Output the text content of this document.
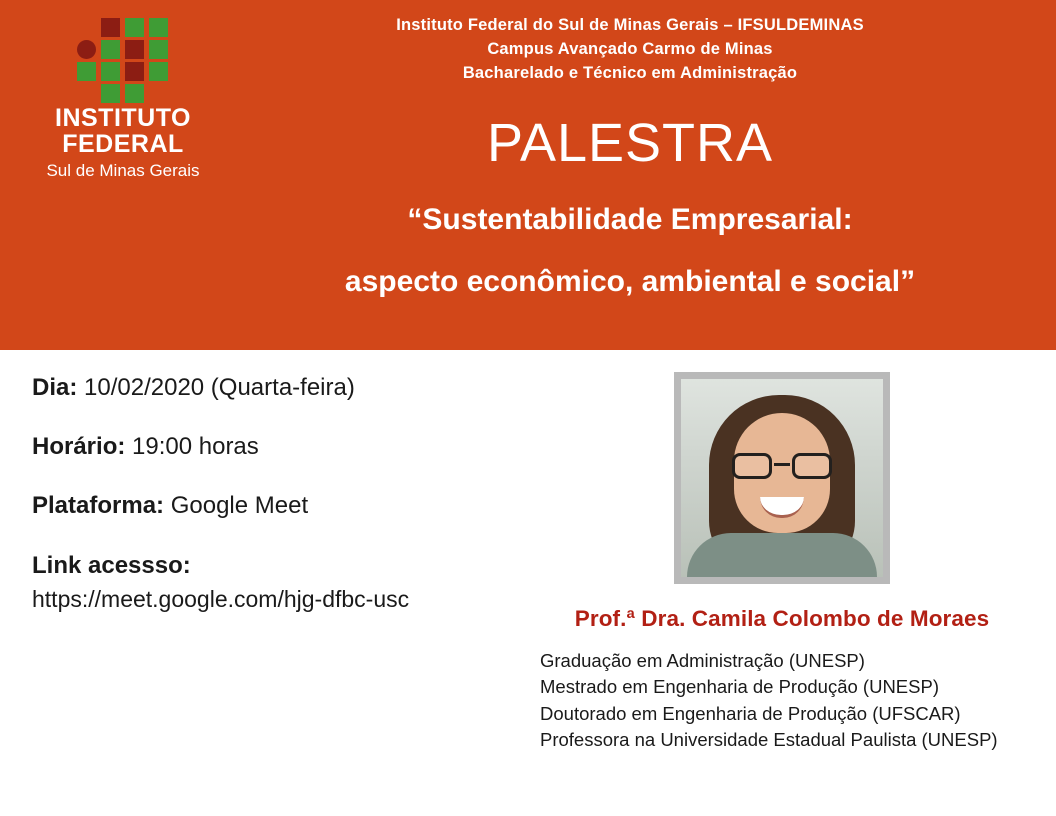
INSTITUTO
FEDERAL
Sul de Minas Gerais
Instituto Federal do Sul de Minas Gerais – IFSULDEMINAS
Campus Avançado Carmo de Minas
Bacharelado e Técnico em Administração
PALESTRA
“Sustentabilidade Empresarial:
aspecto econômico, ambiental e social”
Dia: 10/02/2020 (Quarta-feira)
Horário: 19:00 horas
Plataforma: Google Meet
Link acessso:
https://meet.google.com/hjg-dfbc-usc
Prof.ª Dra. Camila Colombo de Moraes
Graduação em Administração (UNESP)
Mestrado em Engenharia de Produção (UNESP)
Doutorado em Engenharia de Produção (UFSCAR)
Professora na Universidade Estadual Paulista (UNESP)
